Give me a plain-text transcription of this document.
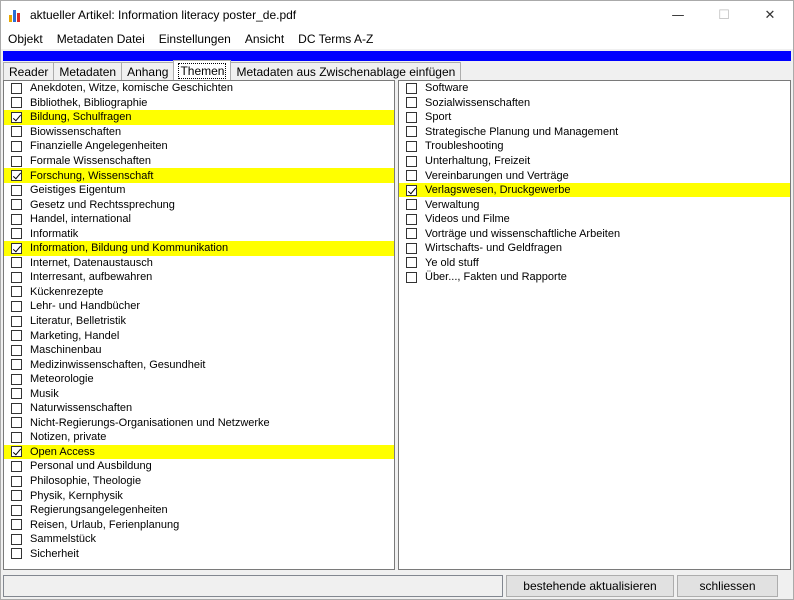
aktueller Artikel: Information literacy poster_de.pdf	—	☐	✕
Objekt	Metadaten Datei	Einstellungen	Ansicht	DC Terms A-Z
Reader Metadaten Anhang Themen Metadaten aus Zwischenablage einfügen
Anekdoten, Witze, komische Geschichten
Bibliothek, Bibliographie
Bildung, Schulfragen
Biowissenschaften
Finanzielle Angelegenheiten
Formale Wissenschaften
Forschung, Wissenschaft
Geistiges Eigentum
Gesetz und Rechtssprechung
Handel, international
Informatik
Information, Bildung und Kommunikation
Internet, Datenaustausch
Interresant, aufbewahren
Kückenrezepte
Lehr- und Handbücher
Literatur, Belletristik
Marketing, Handel
Maschinenbau
Medizinwissenschaften, Gesundheit
Meteorologie
Musik
Naturwissenschaften
Nicht-Regierungs-Organisationen und Netzwerke
Notizen, private
Open Access
Personal und Ausbildung
Philosophie, Theologie
Physik, Kernphysik
Regierungsangelegenheiten
Reisen, Urlaub, Ferienplanung
Sammelstück
Sicherheit
Software
Sozialwissenschaften
Sport
Strategische Planung und Management
Troubleshooting
Unterhaltung, Freizeit
Vereinbarungen und Verträge
Verlagswesen, Druckgewerbe
Verwaltung
Videos und Filme
Vorträge und wissenschaftliche Arbeiten
Wirtschafts- und Geldfragen
Ye old stuff
Über..., Fakten und Rapporte
bestehende aktualisieren	schliessen
